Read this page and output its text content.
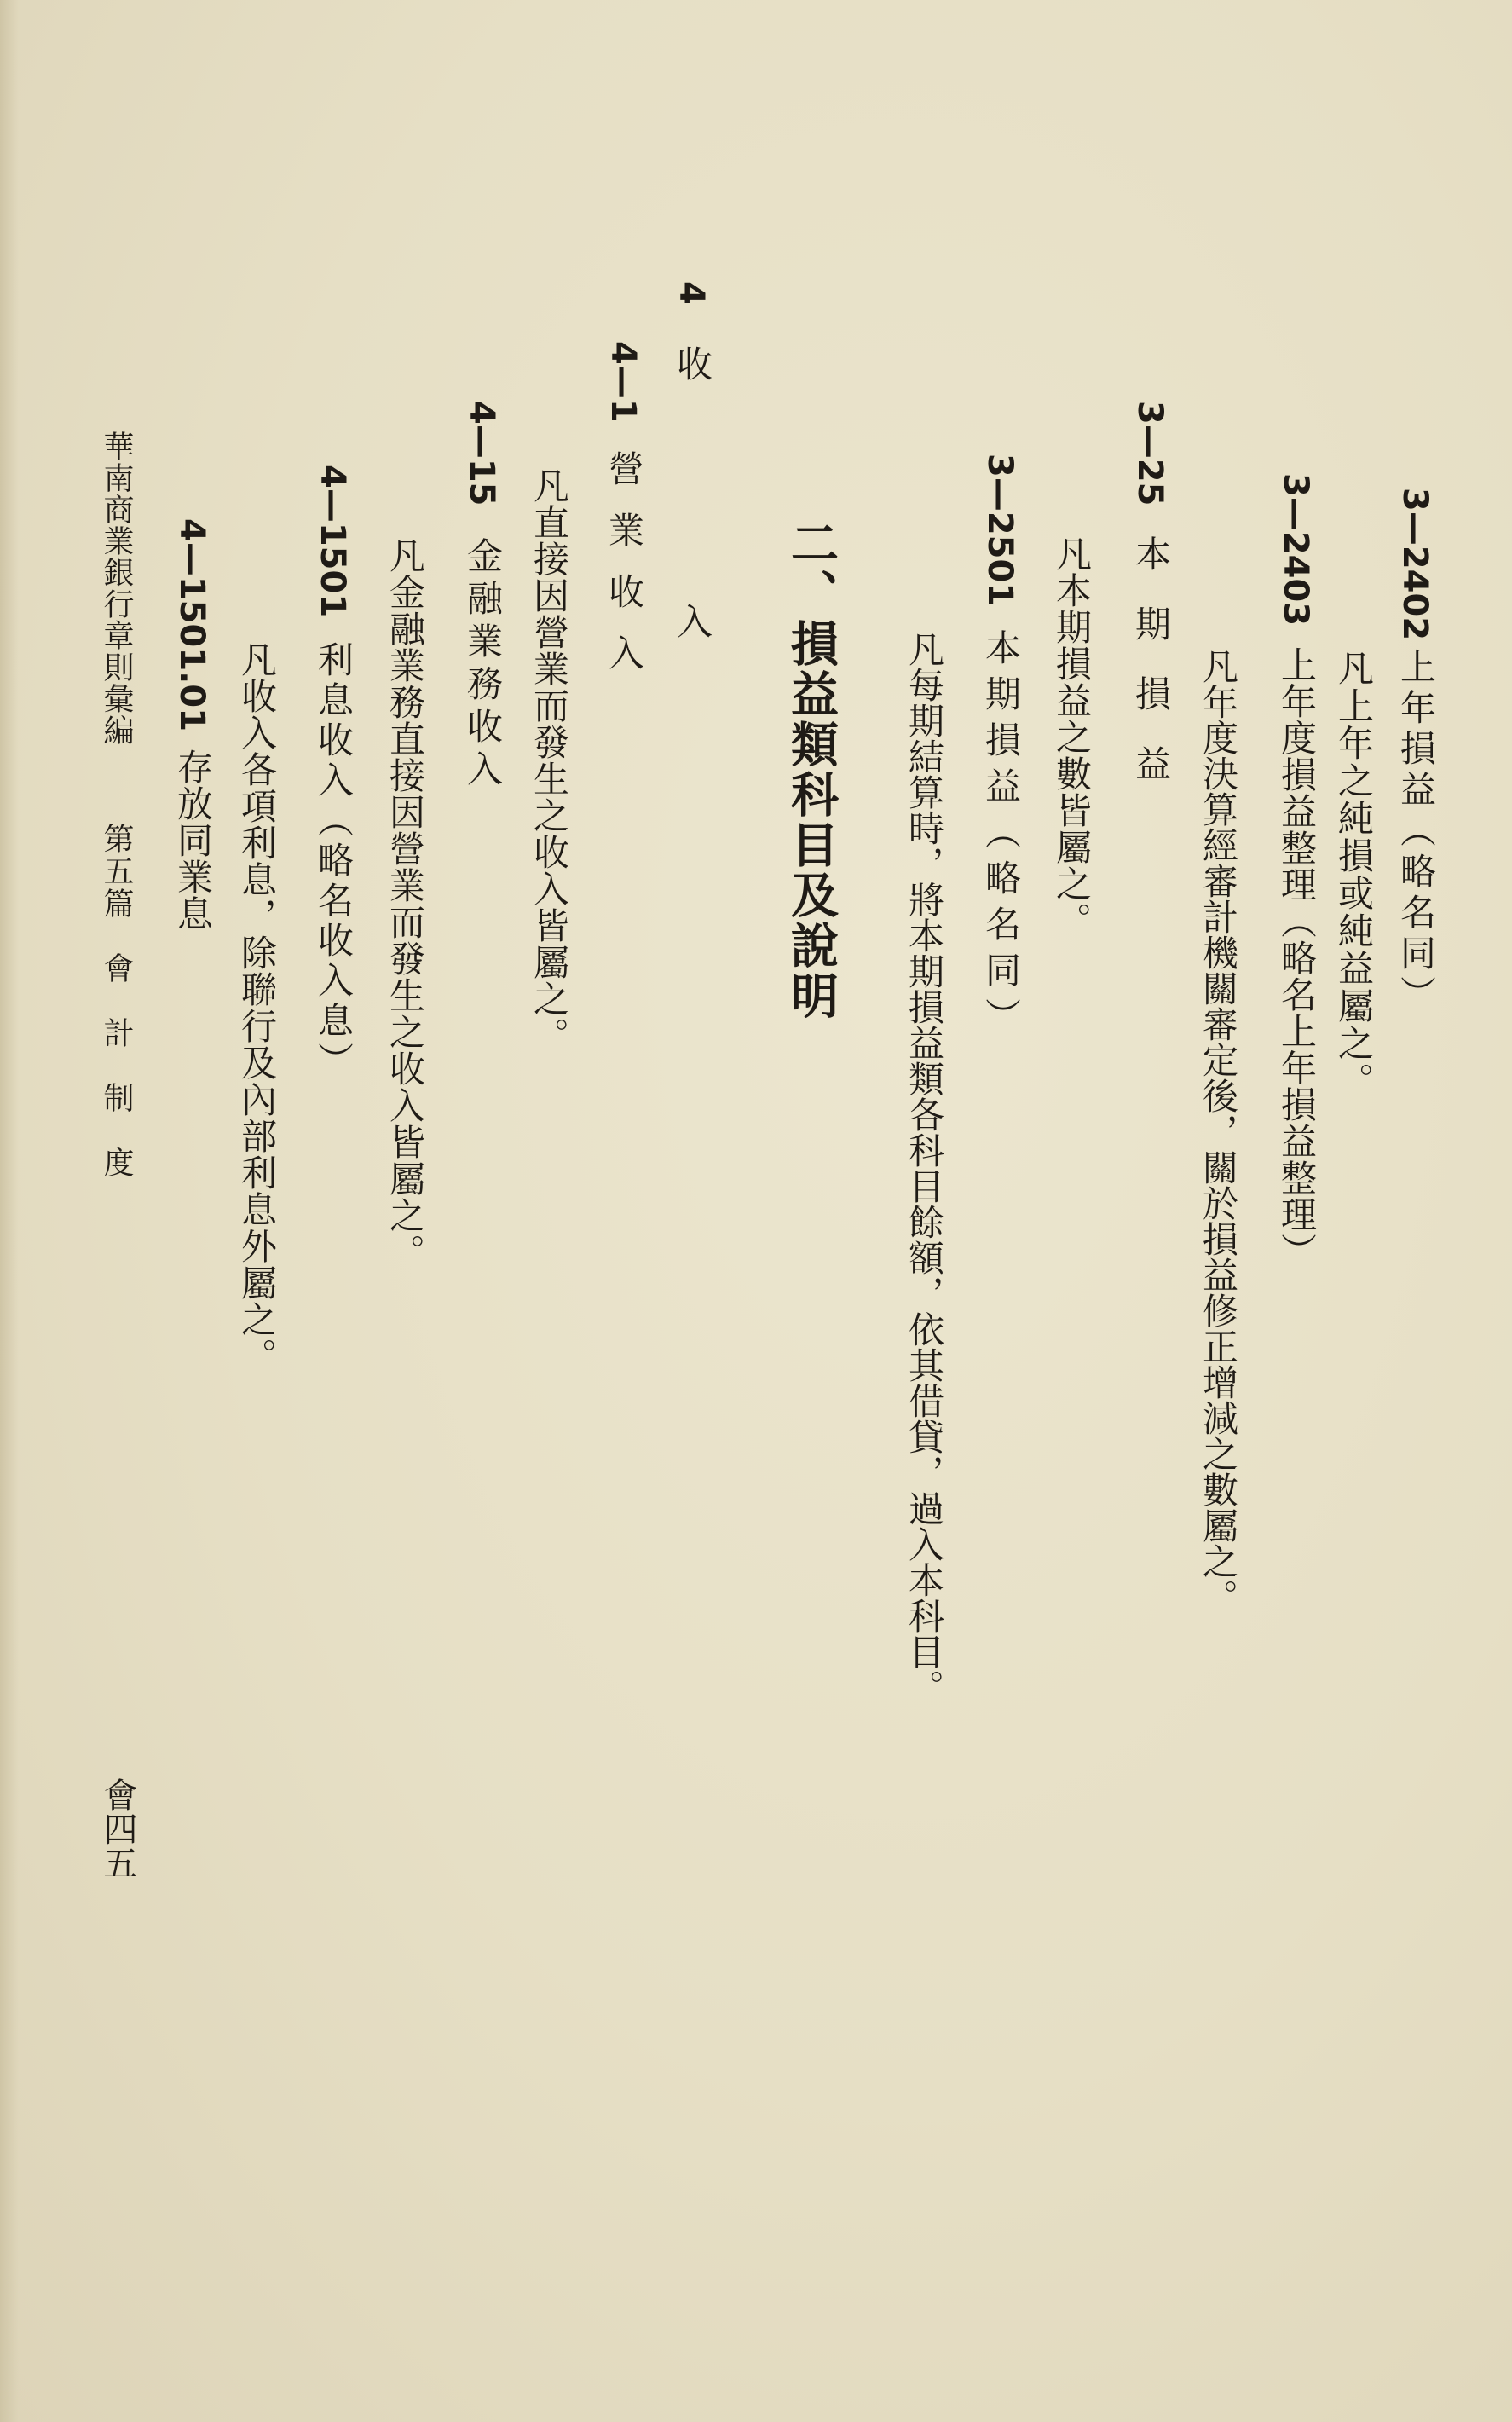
3—2402
上年損益（略名同）
凡上年之純損或純益屬之。
3—2403
上年度損益整理（略名上年損益整理）
凡年度決算經審計機關審定後，關於損益修正增減之數屬之。
3—25
本期損益
凡本期損益之數皆屬之。
3—2501
本期損益（略名同）
凡每期結算時，將本期損益類各科目餘額，依其借貸，過入本科目。
二、損益類科目及說明
4
收入
4—1
營業收入
凡直接因營業而發生之收入皆屬之。
4—15
金融業務收入
凡金融業務直接因營業而發生之收入皆屬之。
4—1501
利息收入（略名收入息）
凡收入各項利息，除聯行及內部利息外屬之。
4—1501.01
存放同業息
華南商業銀行章則彙編
第五篇　會　計　制　度
會四五
